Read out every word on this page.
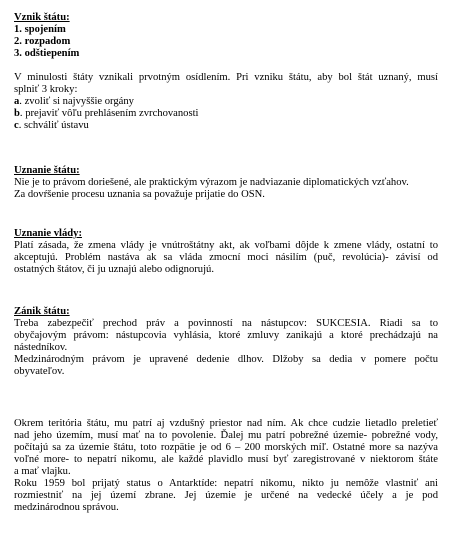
Vznik štátu:
1. spojením
2. rozpadom
3. odštiepením
V minulosti štáty vznikali prvotným osídlením. Pri vzniku štátu, aby bol štát uznaný, musí
splniť 3 kroky:
a. zvoliť si najvyššie orgány
b. prejaviť vôľu prehlásením zvrchovanosti
c. schváliť ústavu
Uznanie štátu:
Nie je to právom doriešené, ale praktickým výrazom je nadviazanie diplomatických vzťahov.
Za dovŕšenie procesu uznania sa považuje prijatie do OSN.
Uznanie vlády:
Platí zásada, že zmena vlády je vnútroštátny akt, ak voľbami dôjde k zmene vlády, ostatní to
akceptujú. Problém nastáva ak sa vláda zmocní moci násilím (puč, revolúcia)- závisí od
ostatných štátov, či ju uznajú alebo odignorujú.
Zánik štátu:
Treba zabezpečiť prechod práv a povinností na nástupcov: SUKCESIA. Riadi sa to
obyčajovým právom: nástupcovia vyhlásia, ktoré zmluvy zanikajú a ktoré prechádzajú na
nástedníkov.
Medzinárodným právom je upravené dedenie dlhov. Dlžoby sa dedia v pomere počtu
obyvateľov.
Okrem teritória štátu, mu patrí aj vzdušný priestor nad ním. Ak chce cudzie lietadlo preletieť
nad jeho územím, musí mať na to povolenie. Ďalej mu patrí pobrežné územie- pobrežné vody,
počítajú sa za územie štátu, toto rozpätie je od 6 – 200 morských míľ. Ostatné more sa nazýva
voľné more- to nepatrí nikomu, ale každé plavidlo musí byť zaregistrované v niektorom štáte
a mať vlajku.
Roku 1959 bol prijatý status o Antarktíde: nepatrí nikomu, nikto ju nemôže vlastniť ani
rozmiestniť na jej území zbrane. Jej územie je určené na vedecké účely a je pod
medzinárodnou správou.
